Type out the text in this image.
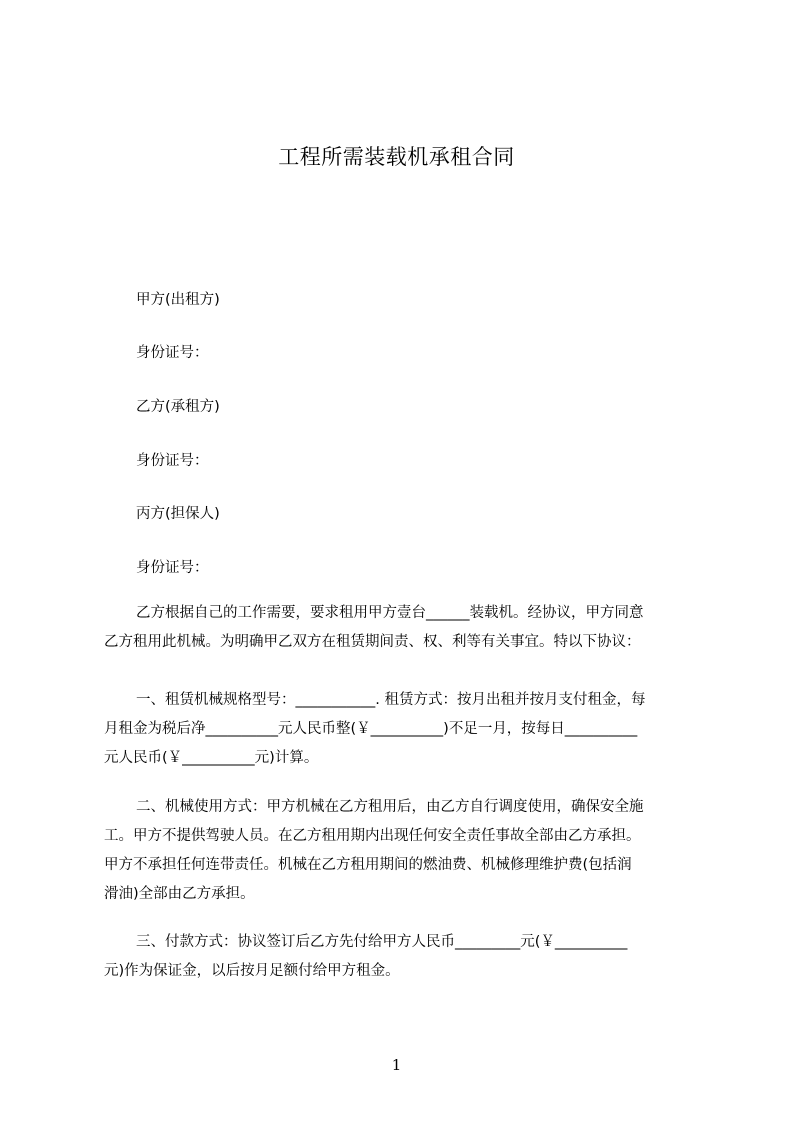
工程所需装载机承租合同
甲方(出租方)
身份证号：
乙方(承租方)
身份证号：
丙方(担保人)
身份证号：
乙方根据自己的工作需要，要求租用甲方壹台______装载机。经协议，甲方同意
乙方租用此机械。为明确甲乙双方在租赁期间责、权、利等有关事宜。特以下协议：
一、租赁机械规格型号：___________. 租赁方式：按月出租并按月支付租金，每
月租金为税后净__________元人民币整(￥__________)不足一月，按每日__________
元人民币(￥__________元)计算。
二、机械使用方式：甲方机械在乙方租用后，由乙方自行调度使用，确保安全施
工。甲方不提供驾驶人员。在乙方租用期内出现任何安全责任事故全部由乙方承担。
甲方不承担任何连带责任。机械在乙方租用期间的燃油费、机械修理维护费(包括润
滑油)全部由乙方承担。
三、付款方式：协议签订后乙方先付给甲方人民币_________元(￥__________
元)作为保证金，以后按月足额付给甲方租金。
1
